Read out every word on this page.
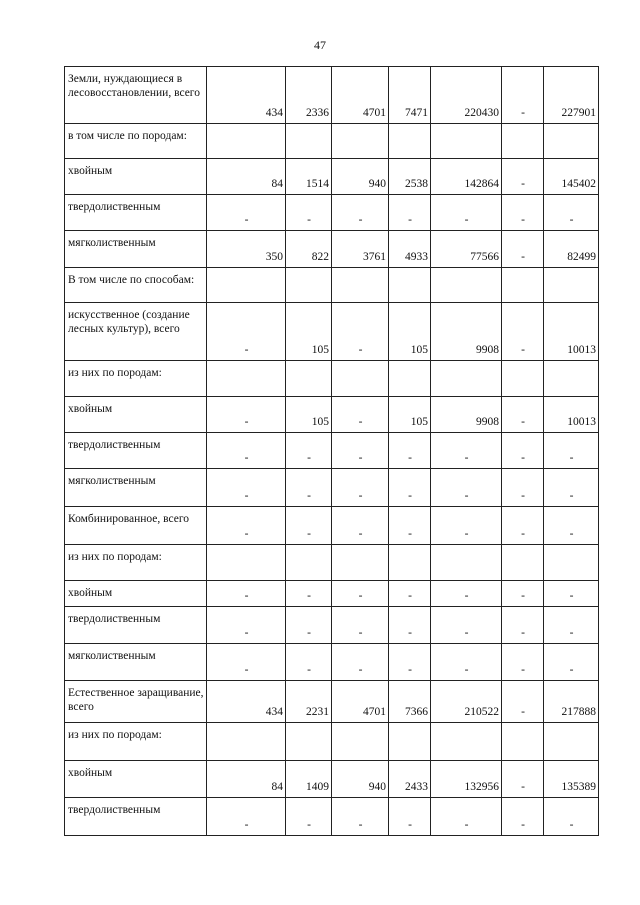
47
Земли, нуждающиеся в лесовосстановлении, всего	434	2336	4701	7471	220430	-	227901
в том числе по породам:							
хвойным	84	1514	940	2538	142864	-	145402
твердолиственным	-	-	-	-	-	-	-
мягколиственным	350	822	3761	4933	77566	-	82499
В том числе по способам:							
искусственное (создание лесных культур), всего	-	105	-	105	9908	-	10013
из них по породам:							
хвойным	-	105	-	105	9908	-	10013
твердолиственным	-	-	-	-	-	-	-
мягколиственным	-	-	-	-	-	-	-
Комбинированное, всего	-	-	-	-	-	-	-
из них по породам:							
хвойным	-	-	-	-	-	-	-
твердолиственным	-	-	-	-	-	-	-
мягколиственным	-	-	-	-	-	-	-
Естественное заращивание, всего	434	2231	4701	7366	210522	-	217888
из них по породам:							
хвойным	84	1409	940	2433	132956	-	135389
твердолиственным	-	-	-	-	-	-	-
